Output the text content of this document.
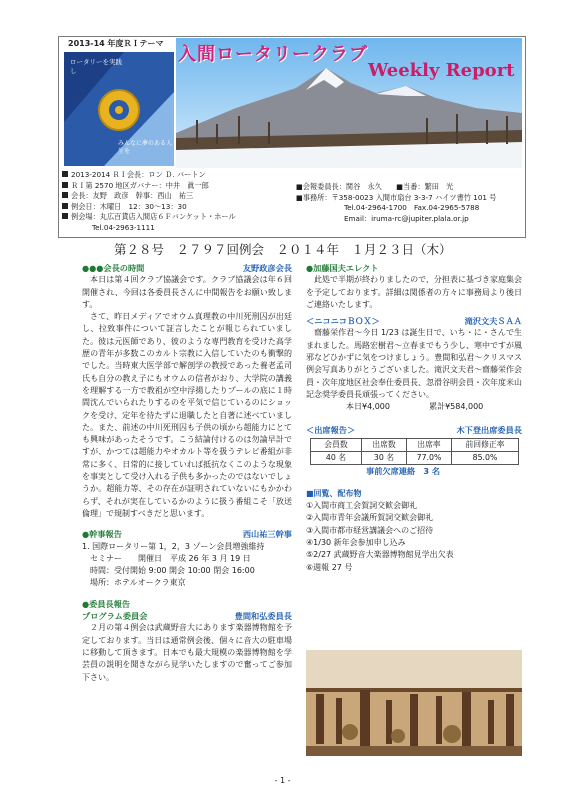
2013-14 年度ＲＩテーマ
ロータリーを実践し
みんなに夢のある人生を
入間ロータリークラブ
Weekly Report
2013-2014 ＲＩ会長：ロン Ｄ. バートン
ＲＩ第 2570 地区ガバナー：中井　眞一郎
会長：友野　政彦　幹事：西山　祐三
例会日：木曜日　12：30～13：30
例会場：丸広百貨店入間店６Ｆバンケット・ホール
Tel.04-2963-1111
■会報委員長：関谷　永久　　■当番：繁田　光
■事務所：〒358-0023 入間市扇台 3-3-7 ハイツ書竹 101 号
Tel.04-2964-1700　Fax.04-2965-5788
Email：iruma-rc@jupiter.plala.or.jp
第２８号　２７９７回例会　２０１４年　１月２３日（木）
●●●会長の時間	友野政彦会長
本日は第４回クラブ協議会です。クラブ協議会は年６回開催され、今回は各委員長さんに中間報告をお願い致します。
さて、昨日メディアでオウム真理教の中川死刑囚が出廷し、拉致事件について証言したことが報じられていました。彼は元医師であり、彼のような専門教育を受けた高学歴の青年が多数このカルト宗教に入信していたのも衝撃的でした。当時東大医学部で解剖学の教授であった養老孟司氏も自分の教え子にもオウムの信者がおり、大学院の講義を理解する一方で教祖が空中浮揚したりプールの底に１時間沈んでいられたりするのを平気で信じているのにショックを受け、定年を待たずに退職したと自著に述べていました。また、前述の中川死刑囚も子供の頃から超能力にとても興味があったそうです。こう結論付けるのは勿論早計ですが、かつては超能力やオカルト等を扱うテレビ番組が非常に多く、日常的に接していれば抵抗なくこのような現象を事実として受け入れる子供も多かったのではないでしょうか。超能力等、その存在が証明されていないにもかかわらず、それが実在しているかのように扱う番組こそ「放送倫理」で規制すべきだと思います。
●幹事報告	西山祐三幹事
1. 国際ロータリー第 1，2，3 ゾーン会員増強維持
　セミナー　　開催日　平成 26 年 3 月 19 日
　時間：受付開始 9:00 開会 10:00 閉会 16:00
　場所：ホテルオークラ東京
●委員長報告
プログラム委員会	豊間和弘委員長
２月の第４例会は武蔵野音大にあります楽器博物館を予定しております。当日は通常例会後、個々に音大の駐車場に移動して頂きます。日本でも最大規模の楽器博物館を学芸員の説明を聞きながら見学いたしますので奮ってご参加下さい。
●加藤国夫エレクト
此処で半期が終わりましたので、分担表に基づき家庭集会を予定しております。詳細は関係者の方々に事務局より後日ご連絡いたします。
＜ニコニコＢＯＸ＞	滝沢文夫ＳＡＡ
齋藤栄作君～今日 1/23 は誕生日で、いち・に・さんで生まれました。馬路宏樹君～立春までもう少し、寒中ですが風邪などひかずに気をつけましょう。豊間和弘君～クリスマス例会写真ありがとうございました。滝沢文夫君～齋藤栄作会員・次年度地区社会奉仕委員長、忽滑谷明会員・次年度米山記念奨学委員長頑張ってください。
本日¥4,000	累計¥584,000
＜出席報告＞	木下登出席委員長
会員数	出席数	出席率	前回修正率
40 名	30 名	77.0%	85.0%
事前欠席連絡　3 名
■回覧、配布物
①入間市商工会賀詞交歓会御礼
②入間市青年会議所賀詞交歓会御礼
③入間市都市経営講議会へのご招待
④1/30 新年会参加申し込み
⑤2/27 武蔵野音大楽器博物館見学出欠表
⑥週報 27 号
- 1 -
